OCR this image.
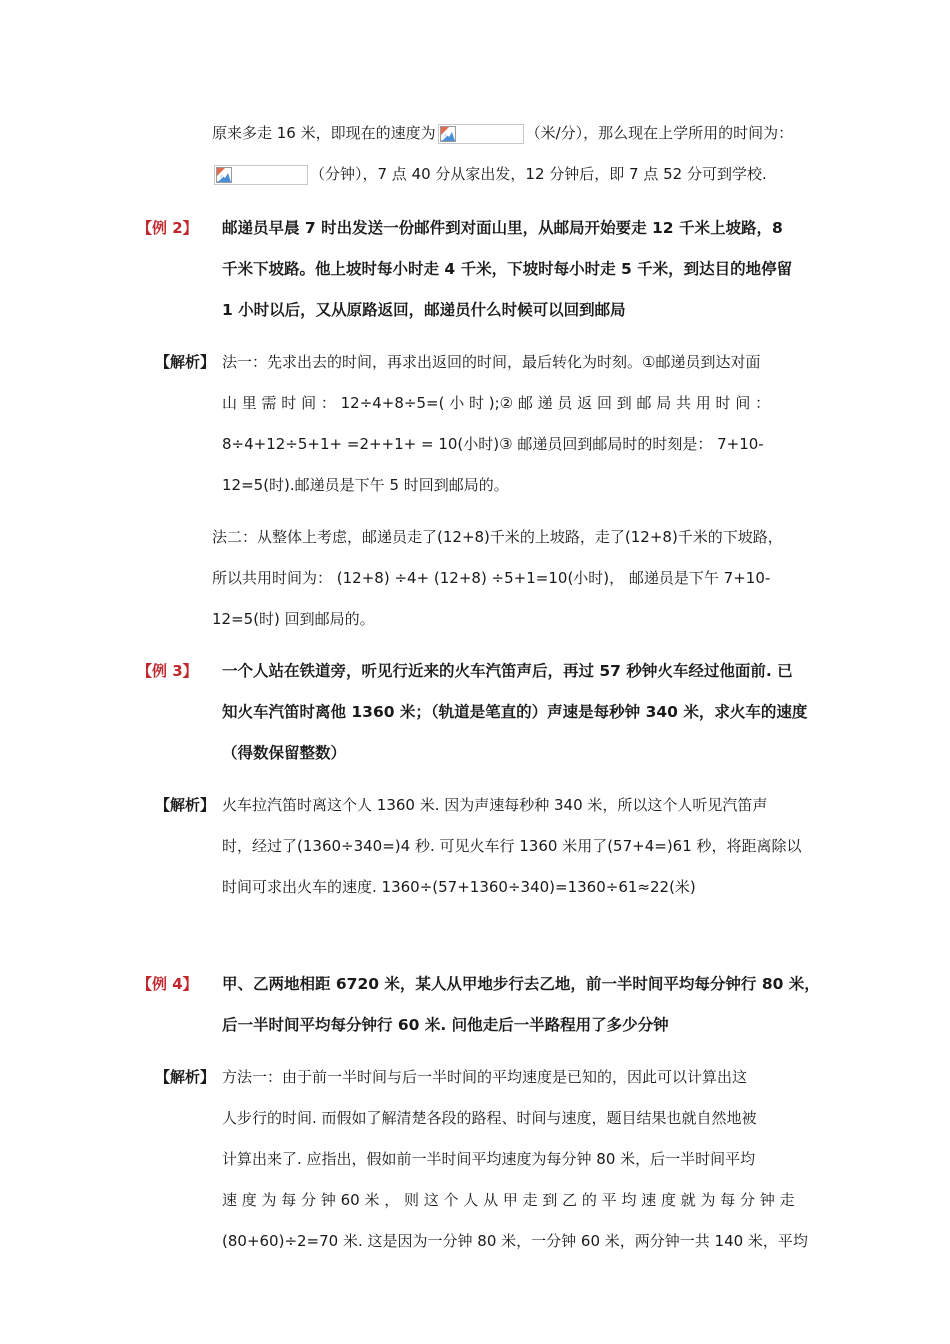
原来多走 16 米，即现在的速度为	（米/分），那么现在上学所用的时间为：
（分钟），7 点 40 分从家出发，12 分钟后，即 7 点 52 分可到学校.
【例 2】 邮递员早晨 7 时出发送一份邮件到对面山里，从邮局开始要走 12 千米上坡路，8
千米下坡路。他上坡时每小时走 4 千米，下坡时每小时走 5 千米，到达目的地停留
1 小时以后，又从原路返回，邮递员什么时候可以回到邮局
【解析】 法一：先求出去的时间，再求出返回的时间，最后转化为时刻。①邮递员到达对面
山 里 需 时 间 ： 12÷4+8÷5=( 小 时 );② 邮 递 员 返 回 到 邮 局 共 用 时 间 ：
8÷4+12÷5+1+ =2++1+ = 10(小时)③ 邮递员回到邮局时的时刻是： 7+10-
12=5(时).邮递员是下午 5 时回到邮局的。
法二：从整体上考虑，邮递员走了(12+8)千米的上坡路，走了(12+8)千米的下坡路，
所以共用时间为： (12+8) ÷4+ (12+8) ÷5+1=10(小时)， 邮递员是下午 7+10-
12=5(时) 回到邮局的。
【例 3】 一个人站在铁道旁，听见行近来的火车汽笛声后，再过 57 秒钟火车经过他面前. 已
知火车汽笛时离他 1360 米；（轨道是笔直的）声速是每秒钟 340 米，求火车的速度
（得数保留整数）
【解析】 火车拉汽笛时离这个人 1360 米. 因为声速每秒种 340 米，所以这个人听见汽笛声
时，经过了(1360÷340=)4 秒. 可见火车行 1360 米用了(57+4=)61 秒，将距离除以
时间可求出火车的速度. 1360÷(57+1360÷340)=1360÷61≈22(米)
【例 4】 甲、乙两地相距 6720 米，某人从甲地步行去乙地，前一半时间平均每分钟行 80 米，
后一半时间平均每分钟行 60 米. 问他走后一半路程用了多少分钟
【解析】 方法一：由于前一半时间与后一半时间的平均速度是已知的，因此可以计算出这
人步行的时间. 而假如了解清楚各段的路程、时间与速度，题目结果也就自然地被
计算出来了. 应指出，假如前一半时间平均速度为每分钟 80 米，后一半时间平均
速 度 为 每 分 钟 60 米 ， 则 这 个 人 从 甲 走 到 乙 的 平 均 速 度 就 为 每 分 钟 走
(80+60)÷2=70 米. 这是因为一分钟 80 米，一分钟 60 米，两分钟一共 140 米，平均
